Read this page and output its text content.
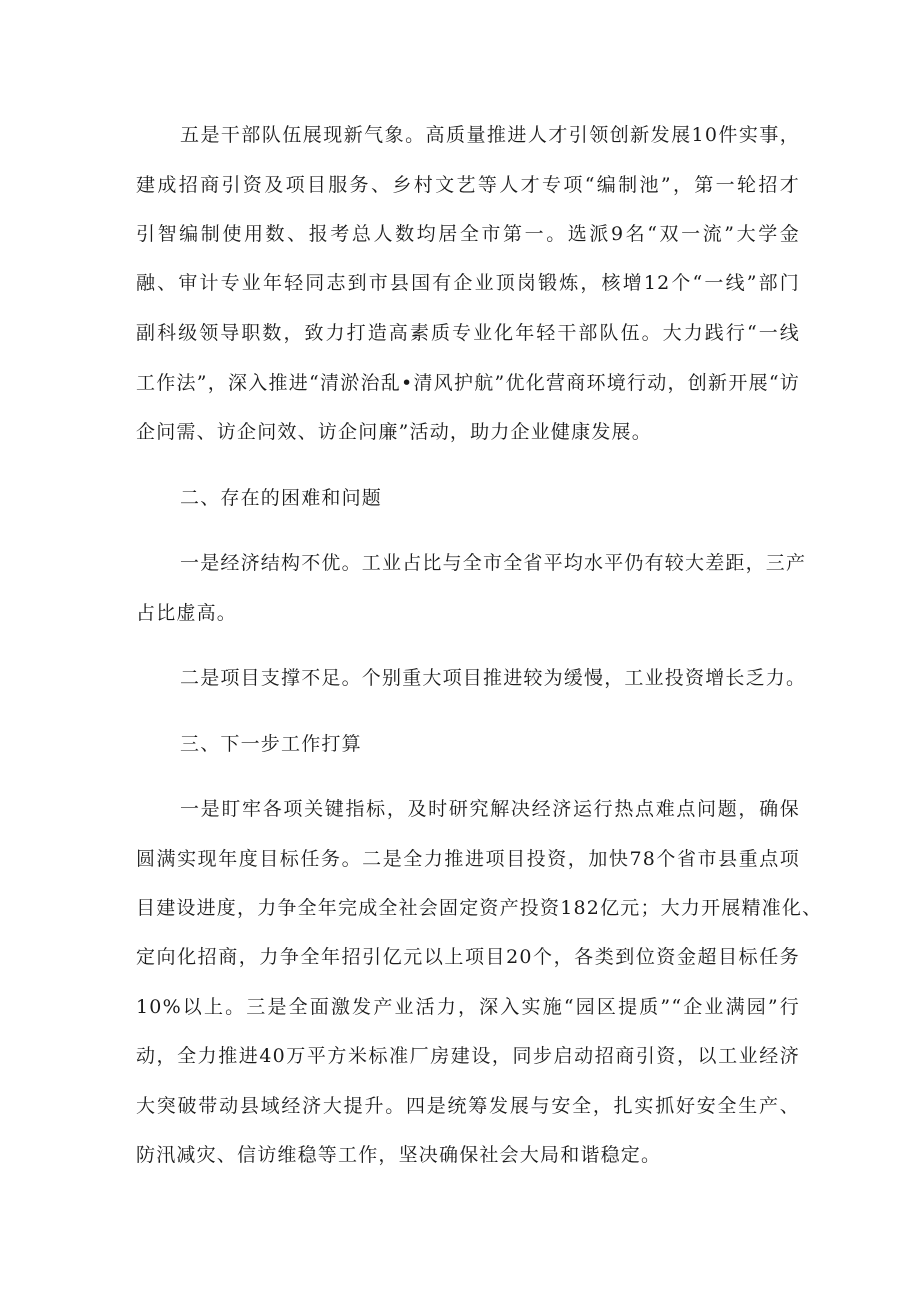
五是干部队伍展现新气象。高质量推进人才引领创新发展10件实事，
建成招商引资及项目服务、乡村文艺等人才专项“编制池”，第一轮招才
引智编制使用数、报考总人数均居全市第一。选派9名“双一流”大学金
融、审计专业年轻同志到市县国有企业顶岗锻炼，核增12个“一线”部门
副科级领导职数，致力打造高素质专业化年轻干部队伍。大力践行“一线
工作法”，深入推进“清淤治乱•清风护航”优化营商环境行动，创新开展“访
企问需、访企问效、访企问廉”活动，助力企业健康发展。
二、存在的困难和问题
一是经济结构不优。工业占比与全市全省平均水平仍有较大差距，三产
占比虚高。
二是项目支撑不足。个别重大项目推进较为缓慢，工业投资增长乏力。
三、下一步工作打算
一是盯牢各项关键指标，及时研究解决经济运行热点难点问题，确保
圆满实现年度目标任务。二是全力推进项目投资，加快78个省市县重点项
目建设进度，力争全年完成全社会固定资产投资182亿元；大力开展精准化、
定向化招商，力争全年招引亿元以上项目20个，各类到位资金超目标任务
10%以上。三是全面激发产业活力，深入实施“园区提质”“企业满园”行
动，全力推进40万平方米标准厂房建设，同步启动招商引资，以工业经济
大突破带动县域经济大提升。四是统筹发展与安全，扎实抓好安全生产、
防汛减灾、信访维稳等工作，坚决确保社会大局和谐稳定。
